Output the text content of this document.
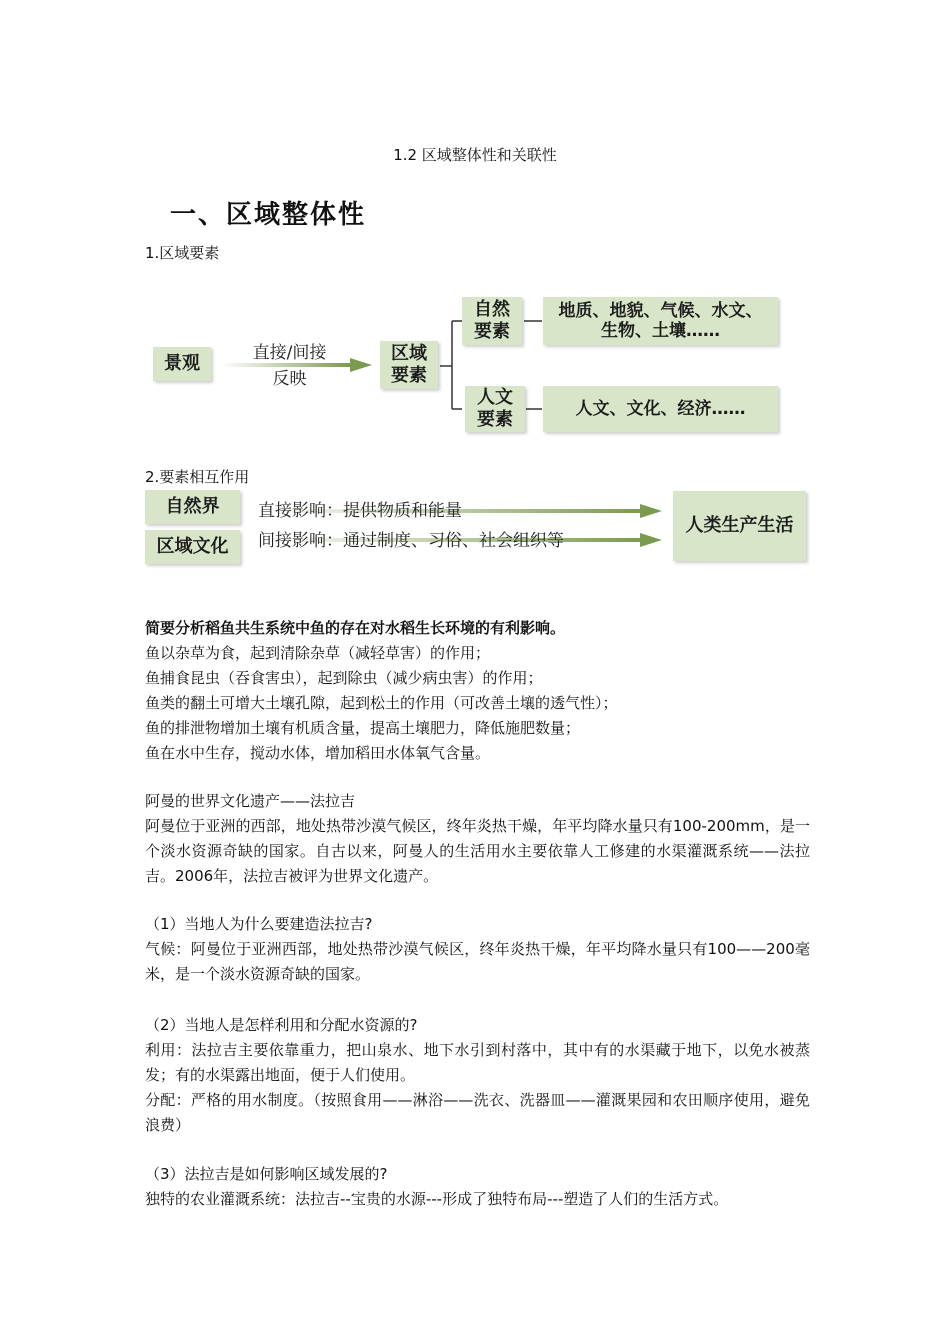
1.2 区域整体性和关联性
一、区域整体性
1.区域要素
景观
直接/间接
反映
区域
要素
自然
要素
地质、地貌、气候、水文、
生物、土壤……
人文
要素
人文、文化、经济……
2.要素相互作用
自然界
区域文化
直接影响：提供物质和能量
间接影响：通过制度、习俗、社会组织等
人类生产生活

简要分析稻鱼共生系统中鱼的存在对水稻生长环境的有利影响。

鱼以杂草为食，起到清除杂草（减轻草害）的作用；

鱼捕食昆虫（吞食害虫），起到除虫（减少病虫害）的作用；

鱼类的翻土可增大土壤孔隙，起到松土的作用（可改善土壤的透气性）；

鱼的排泄物增加土壤有机质含量，提高土壤肥力，降低施肥数量；

鱼在水中生存，搅动水体，增加稻田水体氧气含量。

阿曼的世界文化遗产——法拉吉

阿曼位于亚洲的西部，地处热带沙漠气候区，终年炎热干燥，年平均降水量只有100-200mm，是一个淡水资源奇缺的国家。自古以来，阿曼人的生活用水主要依靠人工修建的水渠灌溉系统——法拉吉。2006年，法拉吉被评为世界文化遗产。

（1）当地人为什么要建造法拉吉?

气候：阿曼位于亚洲西部，地处热带沙漠气候区，终年炎热干燥，年平均降水量只有100——200毫米，是一个淡水资源奇缺的国家。

（2）当地人是怎样利用和分配水资源的?

利用：法拉吉主要依靠重力，把山泉水、地下水引到村落中，其中有的水渠藏于地下，以免水被蒸发；有的水渠露出地面，便于人们使用。

分配：严格的用水制度。（按照食用——淋浴——洗衣、洗器皿——灌溉果园和农田顺序使用，避免浪费）

（3）法拉吉是如何影响区域发展的?

独特的农业灌溉系统：法拉吉--宝贵的水源---形成了独特布局---塑造了人们的生活方式。
